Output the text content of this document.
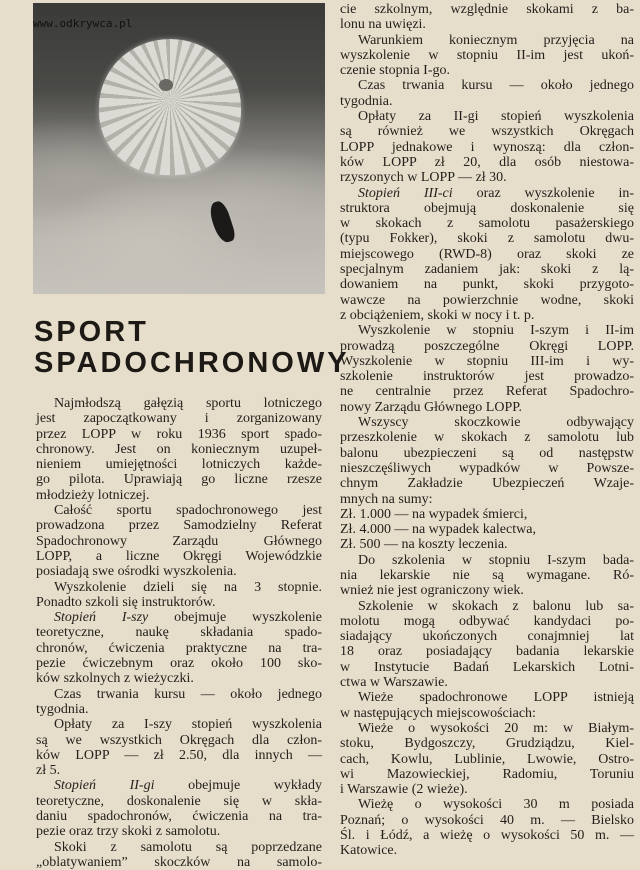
www.odkrywca.pl
SPORT
SPADOCHRONOWY
Najmłodszą gałęzią sportu lotniczego
jest zapoczątkowany i zorganizowany
przez LOPP w roku 1936 sport spado-
chronowy. Jest on koniecznym uzupeł-
nieniem umiejętności lotniczych każde-
go pilota. Uprawiają go liczne rzesze
młodzieży lotniczej.
Całość sportu spadochronowego jest
prowadzona przez Samodzielny Referat
Spadochronowy Zarządu Głównego
LOPP, a liczne Okręgi Wojewódzkie
posiadają swe ośrodki wyszkolenia.
Wyszkolenie dzieli się na 3 stopnie.
Ponadto szkoli się instruktorów.
Stopień I-szy obejmuje wyszkolenie
teoretyczne, naukę składania spado-
chronów, ćwiczenia praktyczne na tra-
pezie ćwiczebnym oraz około 100 sko-
ków szkolnych z wieżyczki.
Czas trwania kursu — około jednego
tygodnia.
Opłaty za I-szy stopień wyszkolenia
są we wszystkich Okręgach dla człon-
ków LOPP — zł 2.50, dla innych —
zł 5.
Stopień II-gi obejmuje wykłady
teoretyczne, doskonalenie się w skła-
daniu spadochronów, ćwiczenia na tra-
pezie oraz trzy skoki z samolotu.
Skoki z samolotu są poprzedzane
„oblatywaniem” skoczków na samolo-
cie szkolnym, względnie skokami z ba-
lonu na uwięzi.
Warunkiem koniecznym przyjęcia na
wyszkolenie w stopniu II-im jest ukoń-
czenie stopnia I-go.
Czas trwania kursu — około jednego
tygodnia.
Opłaty za II-gi stopień wyszkolenia
są również we wszystkich Okręgach
LOPP jednakowe i wynoszą: dla człon-
ków LOPP zł 20, dla osób niestowa-
rzyszonych w LOPP — zł 30.
Stopień III-ci oraz wyszkolenie in-
struktora obejmują doskonalenie się
w skokach z samolotu pasażerskiego
(typu Fokker), skoki z samolotu dwu-
miejscowego (RWD-8) oraz skoki ze
specjalnym zadaniem jak: skoki z lą-
dowaniem na punkt, skoki przygoto-
wawcze na powierzchnie wodne, skoki
z obciążeniem, skoki w nocy i t. p.
Wyszkolenie w stopniu I-szym i II-im
prowadzą poszczególne Okręgi LOPP.
Wyszkolenie w stopniu III-im i wy-
szkolenie instruktorów jest prowadzo-
ne centralnie przez Referat Spadochro-
nowy Zarządu Głównego LOPP.
Wszyscy skoczkowie odbywający
przeszkolenie w skokach z samolotu lub
balonu ubezpieczeni są od następstw
nieszczęśliwych wypadków w Powsze-
chnym Zakładzie Ubezpieczeń Wzaje-
mnych na sumy:
Zł. 1.000 — na wypadek śmierci,
Zł. 4.000 — na wypadek kalectwa,
Zł. 500 — na koszty leczenia.
Do szkolenia w stopniu I-szym bada-
nia lekarskie nie są wymagane. Ró-
wnież nie jest ograniczony wiek.
Szkolenie w skokach z balonu lub sa-
molotu mogą odbywać kandydaci po-
siadający ukończonych conajmniej lat
18 oraz posiadający badania lekarskie
w Instytucie Badań Lekarskich Lotni-
ctwa w Warszawie.
Wieże spadochronowe LOPP istnieją
w następujących miejscowościach:
Wieże o wysokości 20 m: w Białym-
stoku, Bydgoszczy, Grudziądzu, Kiel-
cach, Kowlu, Lublinie, Lwowie, Ostro-
wi Mazowieckiej, Radomiu, Toruniu
i Warszawie (2 wieże).
Wieżę o wysokości 30 m posiada
Poznań; o wysokości 40 m. — Bielsko
Śl. i Łódź, a wieżę o wysokości 50 m. —
Katowice.
